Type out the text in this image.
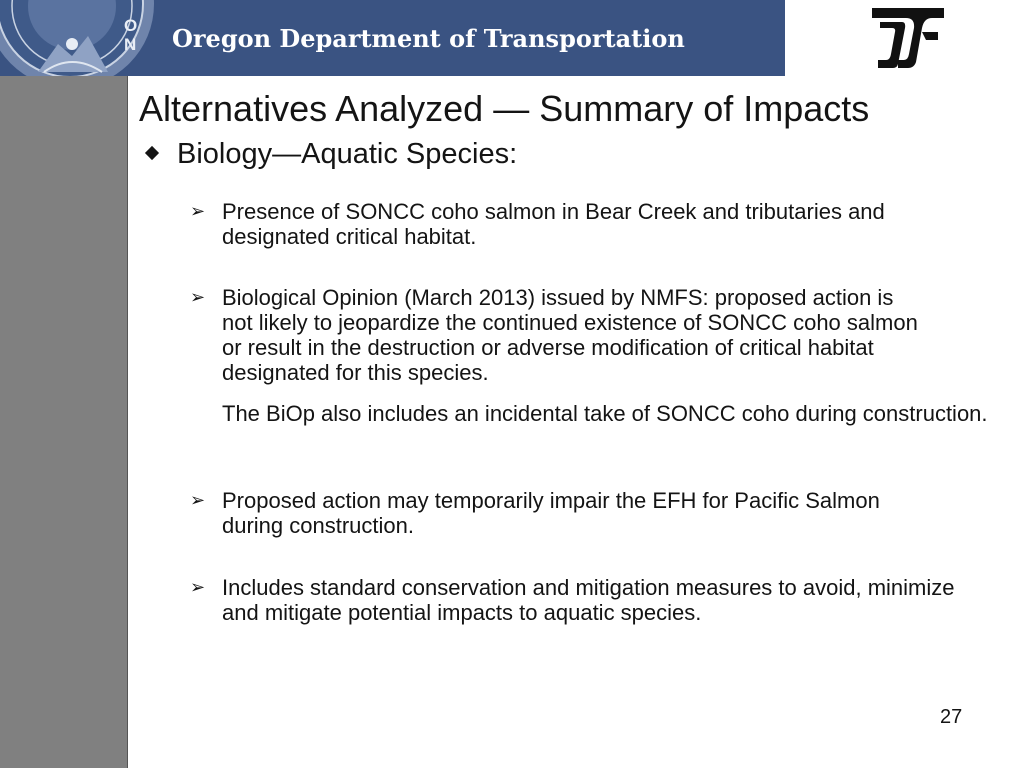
ON Oregon Department of Transportation
Alternatives Analyzed — Summary of Impacts
Biology—Aquatic Species:
➢ Presence of SONCC coho salmon in Bear Creek and tributaries and designated critical habitat.
➢ Biological Opinion (March 2013) issued by NMFS: proposed action is not likely to jeopardize the continued existence of SONCC coho salmon or result in the destruction or adverse modification of critical habitat designated for this species.
The BiOp also includes an incidental take of SONCC coho during construction.
➢ Proposed action may temporarily impair the EFH for Pacific Salmon during construction.
➢ Includes standard conservation and mitigation measures to avoid, minimize and mitigate potential impacts to aquatic species.
27
